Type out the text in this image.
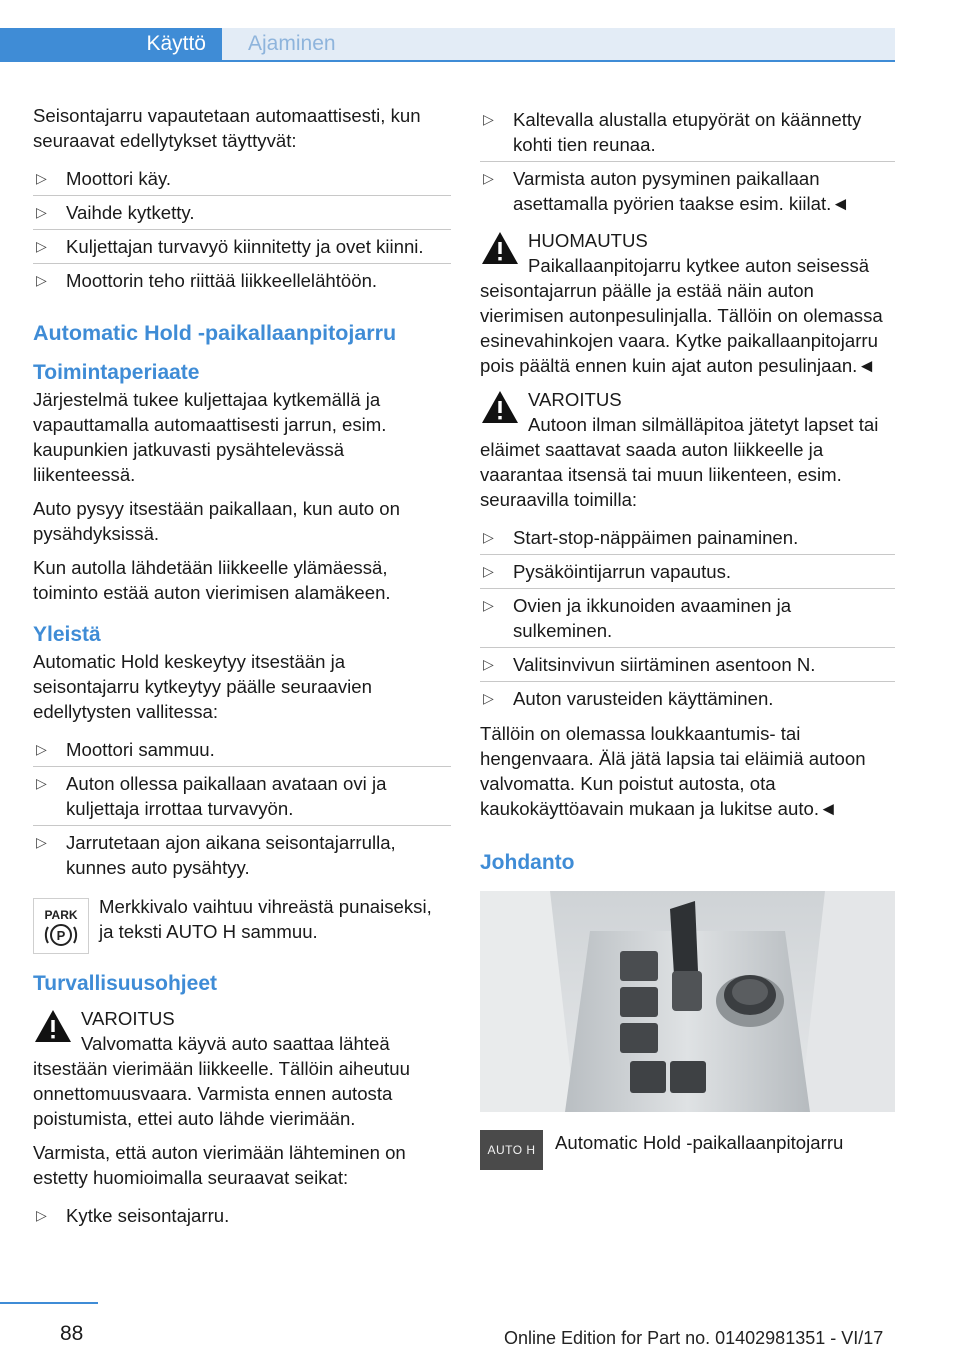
Käyttö	Ajaminen

Seisontajarru vapautetaan automaattisesti, kun seuraavat edellytykset täyttyvät:

▷ Moottori käy.
▷ Vaihde kytketty.
▷ Kuljettajan turvavyö kiinnitetty ja ovet kiinni.
▷ Moottorin teho riittää liikkeellelähtöön.
Automatic Hold -paikallaanpitojarru
Toimintaperiaate

Järjestelmä tukee kuljettajaa kytkemällä ja vapauttamalla automaattisesti jarrun, esim. kaupunkien jatkuvasti pysähtelevässä liikenteessä.

Auto pysyy itsestään paikallaan, kun auto on pysähdyksissä.

Kun autolla lähdetään liikkeelle ylämäessä, toiminto estää auton vierimisen alamäkeen.

Yleistä

Automatic Hold keskeytyy itsestään ja seisontajarru kytkeytyy päälle seuraavien edellytysten vallitessa:

▷ Moottori sammuu.
▷ Auton ollessa paikallaan avataan ovi ja kuljettaja irrottaa turvavyön.
▷ Jarrutetaan ajon aikana seisontajarrulla, kunnes auto pysähtyy.
PARK
P
Merkkivalo vaihtuu vihreästä punaiseksi, ja teksti AUTO H sammuu.
Turvallisuusohjeet
VAROITUS
Valvomatta käyvä auto saattaa lähteä itsestään vierimään liikkeelle. Tällöin aiheutuu onnettomuusvaara. Varmista ennen autosta poistumista, ettei auto lähde vierimään.

Varmista, että auton vierimään lähteminen on estetty huomioimalla seuraavat seikat:

▷ Kytke seisontajarru.
▷ Kaltevalla alustalla etupyörät on käännetty kohti tien reunaa.
▷ Varmista auton pysyminen paikallaan asettamalla pyörien taakse esim. kiilat.◄
HUOMAUTUS
Paikallaanpitojarru kytkee auton seisessä seisontajarrun päälle ja estää näin auton vierimisen autonpesulinjalla. Tällöin on olemassa esinevahinkojen vaara. Kytke paikallaanpitojarru pois päältä ennen kuin ajat auton pesulinjaan.◄
VAROITUS
Autoon ilman silmälläpitoa jätetyt lapset tai eläimet saattavat saada auton liikkeelle ja vaarantaa itsensä tai muun liikenteen, esim. seuraavilla toimilla:
▷ Start-stop-näppäimen painaminen.
▷ Pysäköintijarrun vapautus.
▷ Ovien ja ikkunoiden avaaminen ja sulkeminen.
▷ Valitsinvivun siirtäminen asentoon N.
▷ Auton varusteiden käyttäminen.

Tällöin on olemassa loukkaantumis- tai hengenvaara. Älä jätä lapsia tai eläimiä autoon valvomatta. Kun poistut autosta, ota kaukokäyttöavain mukaan ja lukitse auto.◄

Johdanto
AUTO H	Automatic Hold -paikallaanpitojarru
88	Online Edition for Part no. 01402981351 - VI/17
